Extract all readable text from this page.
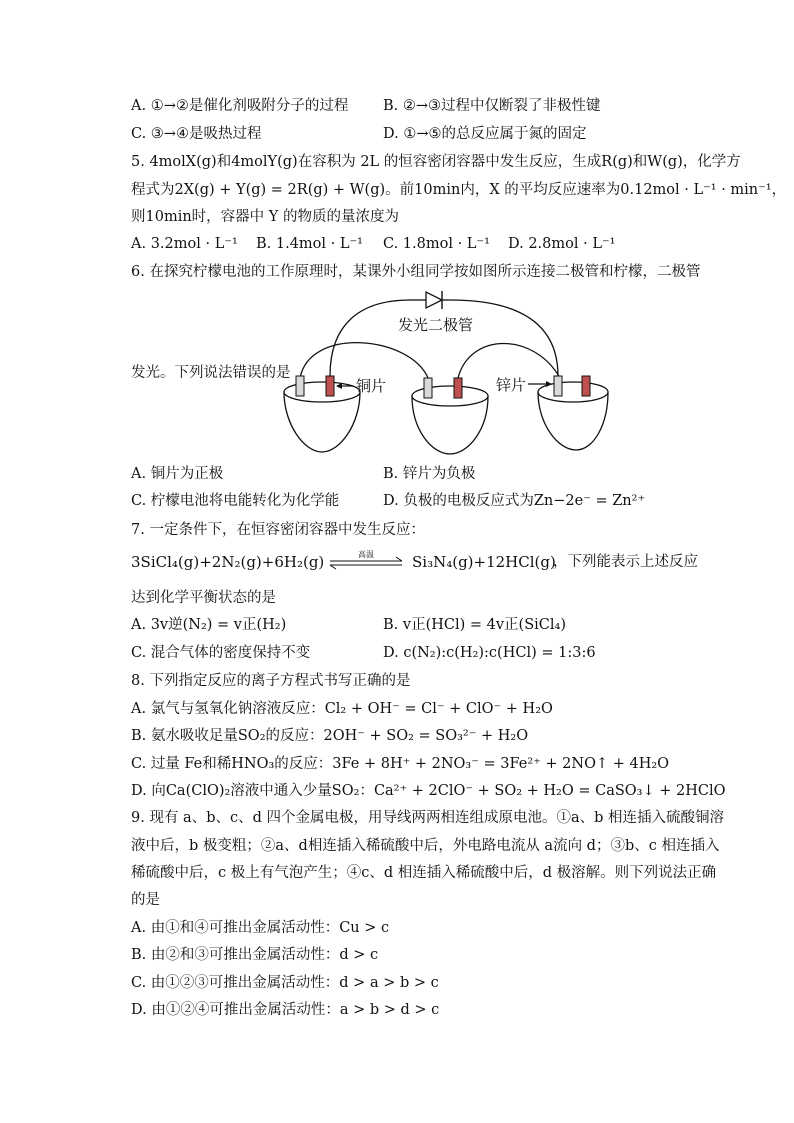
A. ①→②是催化剂吸附分子的过程 B. ②→③过程中仅断裂了非极性键
C. ③→④是吸热过程	D. ①→⑤的总反应属于氮的固定
5. 4molX(g)和4molY(g)在容积为 2L 的恒容密闭容器中发生反应，生成R(g)和W(g)，化学方
程式为2X(g) + Y(g) = 2R(g) + W(g)。前10min内，X 的平均反应速率为0.12mol · L⁻¹ · min⁻¹，
则10min时，容器中 Y 的物质的量浓度为
A. 3.2mol · L⁻¹ B. 1.4mol · L⁻¹ C. 1.8mol · L⁻¹ D. 2.8mol · L⁻¹
6. 在探究柠檬电池的工作原理时，某课外小组同学按如图所示连接二极管和柠檬，二极管
发光。下列说法错误的是
发光二极管
铜片	锌片
A. 铜片为正极	B. 锌片为负极
C. 柠檬电池将电能转化为化学能	D. 负极的电极反应式为Zn−2e⁻ = Zn²⁺
7. 一定条件下，在恒容密闭容器中发生反应：
3SiCl₄(g)+2N₂(g)+6H₂(g)	高温	Si₃N₄(g)+12HCl(g)
，下列能表示上述反应
达到化学平衡状态的是
A. 3v逆(N₂) = v正(H₂)	B. v正(HCl) = 4v正(SiCl₄)
C. 混合气体的密度保持不变	D. c(N₂):c(H₂):c(HCl) = 1:3:6
8. 下列指定反应的离子方程式书写正确的是
A. 氯气与氢氧化钠溶液反应：Cl₂ + OH⁻ = Cl⁻ + ClO⁻ + H₂O
B. 氨水吸收足量SO₂的反应：2OH⁻ + SO₂ = SO₃²⁻ + H₂O
C. 过量 Fe和稀HNO₃的反应：3Fe + 8H⁺ + 2NO₃⁻ = 3Fe²⁺ + 2NO↑ + 4H₂O
D. 向Ca(ClO)₂溶液中通入少量SO₂：Ca²⁺ + 2ClO⁻ + SO₂ + H₂O = CaSO₃↓ + 2HClO
9. 现有 a、b、c、d 四个金属电极，用导线两两相连组成原电池。①a、b 相连插入硫酸铜溶
液中后，b 极变粗；②a、d相连插入稀硫酸中后，外电路电流从 a流向 d；③b、c 相连插入
稀硫酸中后，c 极上有气泡产生；④c、d 相连插入稀硫酸中后，d 极溶解。则下列说法正确
的是
A. 由①和④可推出金属活动性：Cu > c
B. 由②和③可推出金属活动性：d > c
C. 由①②③可推出金属活动性：d > a > b > c
D. 由①②④可推出金属活动性：a > b > d > c
